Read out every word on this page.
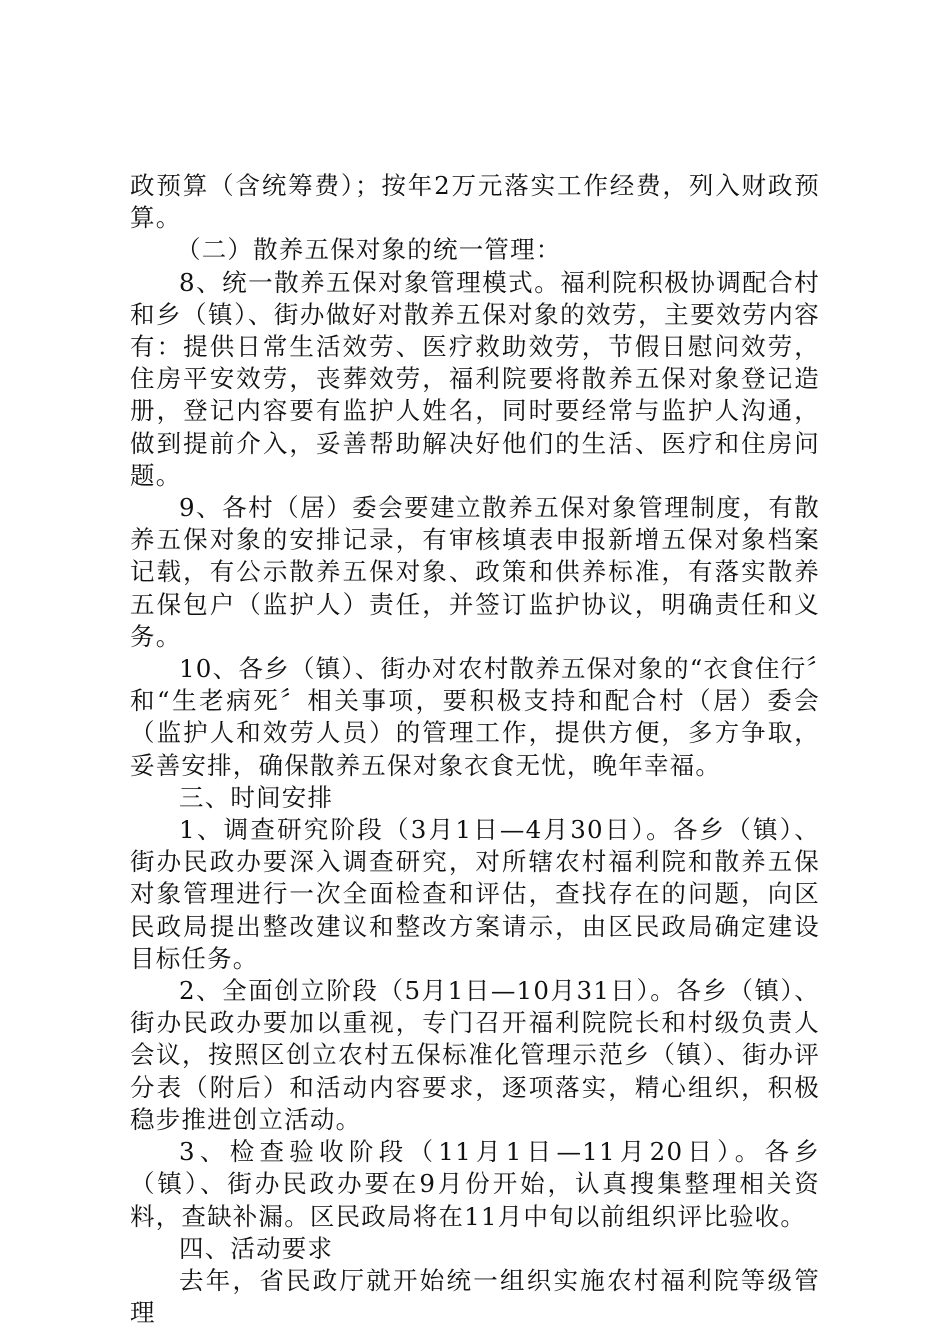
政预算（含统筹费）；按年2万元落实工作经费，列入财政预算。

（二）散养五保对象的统一管理：

8、统一散养五保对象管理模式。福利院积极协调配合村和乡（镇）、街办做好对散养五保对象的效劳，主要效劳内容有：提供日常生活效劳、医疗救助效劳，节假日慰问效劳，住房平安效劳，丧葬效劳，福利院要将散养五保对象登记造册，登记内容要有监护人姓名，同时要经常与监护人沟通，做到提前介入，妥善帮助解决好他们的生活、医疗和住房问题。

9、各村（居）委会要建立散养五保对象管理制度，有散养五保对象的安排记录，有审核填表申报新增五保对象档案记载，有公示散养五保对象、政策和供养标准，有落实散养五保包户（监护人）责任，并签订监护协议，明确责任和义务。

10、各乡（镇）、街办对农村散养五保对象的“衣食住行〞和“生老病死〞相关事项，要积极支持和配合村（居）委会（监护人和效劳人员）的管理工作，提供方便，多方争取，妥善安排，确保散养五保对象衣食无忧，晚年幸福。

三、时间安排

1、调查研究阶段（3月1日—4月30日）。各乡（镇）、街办民政办要深入调查研究，对所辖农村福利院和散养五保对象管理进行一次全面检查和评估，查找存在的问题，向区民政局提出整改建议和整改方案请示，由区民政局确定建设目标任务。

2、全面创立阶段（5月1日—10月31日）。各乡（镇）、街办民政办要加以重视，专门召开福利院院长和村级负责人会议，按照区创立农村五保标准化管理示范乡（镇）、街办评分表（附后）和活动内容要求，逐项落实，精心组织，积极稳步推进创立活动。

3、检查验收阶段（11月1日—11月20日）。各乡（镇）、街办民政办要在9月份开始，认真搜集整理相关资料，查缺补漏。区民政局将在11月中旬以前组织评比验收。

四、活动要求

去年，省民政厅就开始统一组织实施农村福利院等级管理
